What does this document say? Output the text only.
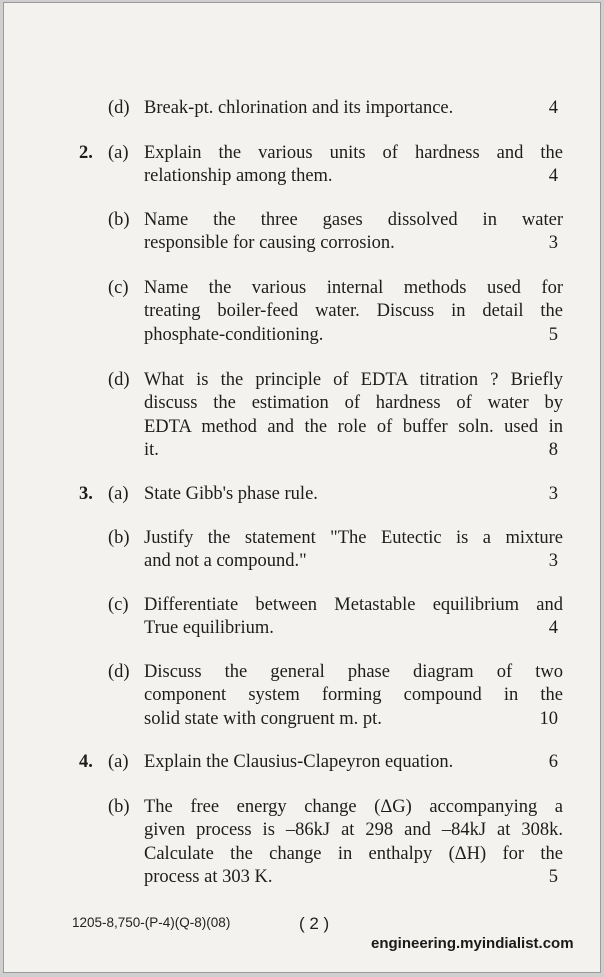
(d) Break-pt. chlorination and its importance.	4
2. (a) Explain the various units of hardness and the
relationship among them.	4
(b) Name the three gases dissolved in water
responsible for causing corrosion.	3
(c) Name the various internal methods used for
treating boiler-feed water. Discuss in detail the
phosphate-conditioning.	5
(d) What is the principle of EDTA titration ? Briefly
discuss the estimation of hardness of water by
EDTA method and the role of buffer soln. used in
it.	8
3. (a) State Gibb's phase rule.	3
(b) Justify the statement "The Eutectic is a mixture
and not a compound."	3
(c) Differentiate between Metastable equilibrium and
True equilibrium.	4
(d) Discuss the general phase diagram of two
component system forming compound in the
solid state with congruent m. pt.	10
4. (a) Explain the Clausius-Clapeyron equation.	6
(b) The free energy change (ΔG) accompanying a
given process is –86kJ at 298 and –84kJ at 308k.
Calculate the change in enthalpy (ΔH) for the
process at 303 K.	5
1205-8,750-(P-4)(Q-8)(08)	( 2 )
engineering.myindialist.com
